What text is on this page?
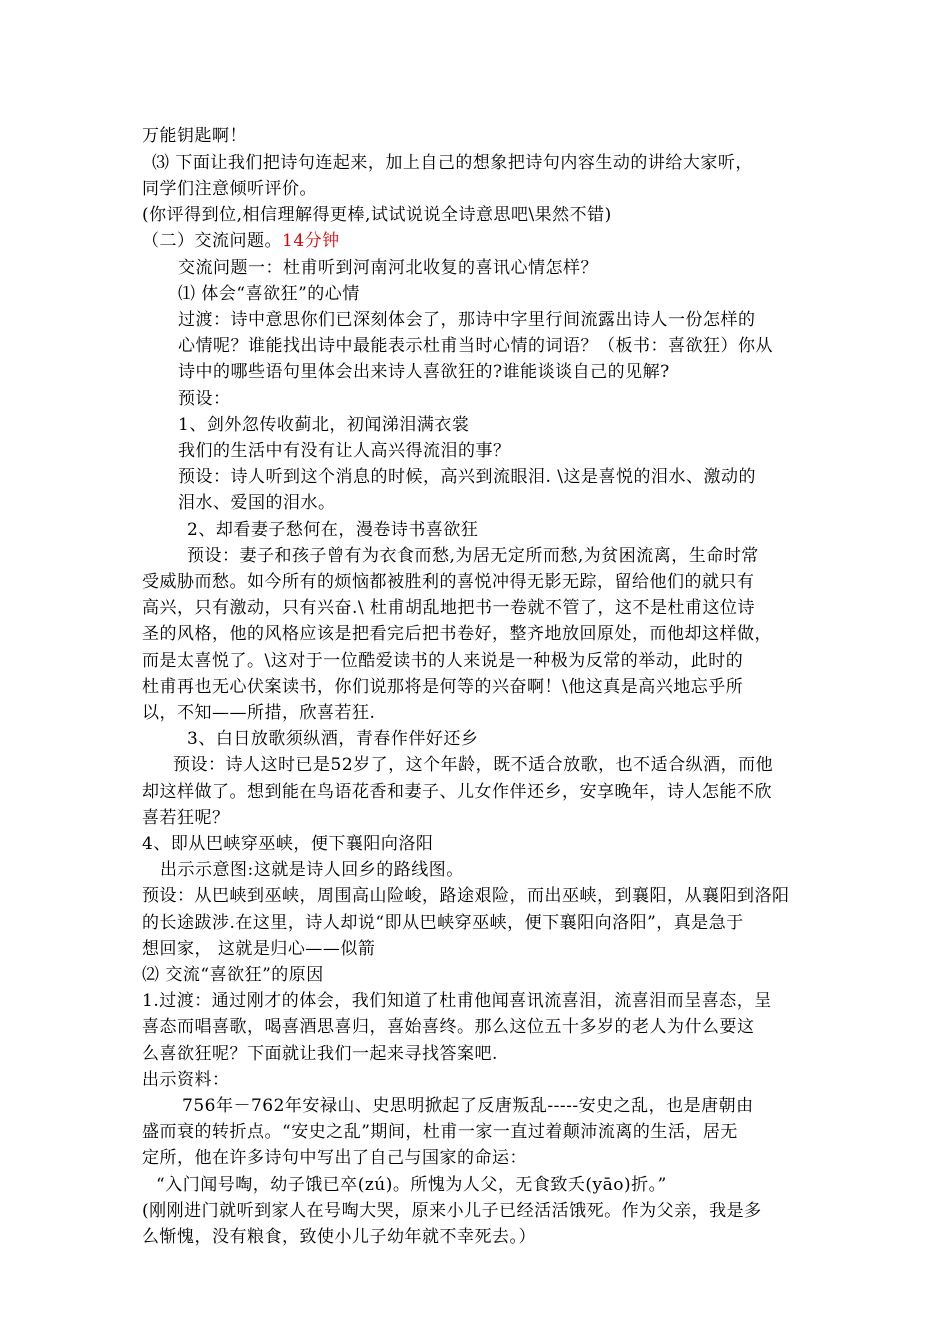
万能钥匙啊！
⑶ 下面让我们把诗句连起来，加上自己的想象把诗句内容生动的讲给大家听，
同学们注意倾听评价。
(你评得到位,相信理解得更棒,试试说说全诗意思吧\果然不错)
（二）交流问题。14分钟
交流问题一：杜甫听到河南河北收复的喜讯心情怎样？
⑴ 体会“喜欲狂”的心情
过渡：诗中意思你们已深刻体会了，那诗中字里行间流露出诗人一份怎样的
心情呢？谁能找出诗中最能表示杜甫当时心情的词语？（板书：喜欲狂）你从
诗中的哪些语句里体会出来诗人喜欲狂的?谁能谈谈自己的见解?
预设：
1、剑外忽传收蓟北，初闻涕泪满衣裳
我们的生活中有没有让人高兴得流泪的事？
预设：诗人听到这个消息的时候，高兴到流眼泪. \这是喜悦的泪水、激动的
泪水、爱国的泪水。
2、却看妻子愁何在，漫卷诗书喜欲狂
预设：妻子和孩子曾有为衣食而愁,为居无定所而愁,为贫困流离，生命时常
受威胁而愁。如今所有的烦恼都被胜利的喜悦冲得无影无踪，留给他们的就只有
高兴，只有激动，只有兴奋.\ 杜甫胡乱地把书一卷就不管了，这不是杜甫这位诗
圣的风格，他的风格应该是把看完后把书卷好，整齐地放回原处，而他却这样做，
而是太喜悦了。\这对于一位酷爱读书的人来说是一种极为反常的举动，此时的
杜甫再也无心伏案读书，你们说那将是何等的兴奋啊！\他这真是高兴地忘乎所
以，不知——所措，欣喜若狂.
3、白日放歌须纵酒，青春作伴好还乡
预设：诗人这时已是52岁了，这个年龄，既不适合放歌，也不适合纵酒，而他
却这样做了。想到能在鸟语花香和妻子、儿女作伴还乡，安享晚年，诗人怎能不欣
喜若狂呢？
4、即从巴峡穿巫峡，便下襄阳向洛阳
出示示意图:这就是诗人回乡的路线图。
预设：从巴峡到巫峡，周围高山险峻，路途艰险，而出巫峡，到襄阳，从襄阳到洛阳
的长途跋涉.在这里，诗人却说“即从巴峡穿巫峡，便下襄阳向洛阳”，真是急于
想回家， 这就是归心——似箭
⑵ 交流“喜欲狂”的原因
1.过渡：通过刚才的体会，我们知道了杜甫他闻喜讯流喜泪，流喜泪而呈喜态，呈
喜态而唱喜歌，喝喜酒思喜归，喜始喜终。那么这位五十多岁的老人为什么要这
么喜欲狂呢？下面就让我们一起来寻找答案吧.
出示资料：
756年－762年安禄山、史思明掀起了反唐叛乱-----安史之乱，也是唐朝由
盛而衰的转折点。“安史之乱”期间，杜甫一家一直过着颠沛流离的生活，居无
定所，他在许多诗句中写出了自己与国家的命运：
“入门闻号啕，幼子饿已卒(zú)。所愧为人父，无食致夭(yāo)折。”
(刚刚进门就听到家人在号啕大哭，原来小儿子已经活活饿死。作为父亲，我是多
么惭愧，没有粮食，致使小儿子幼年就不幸死去。）
